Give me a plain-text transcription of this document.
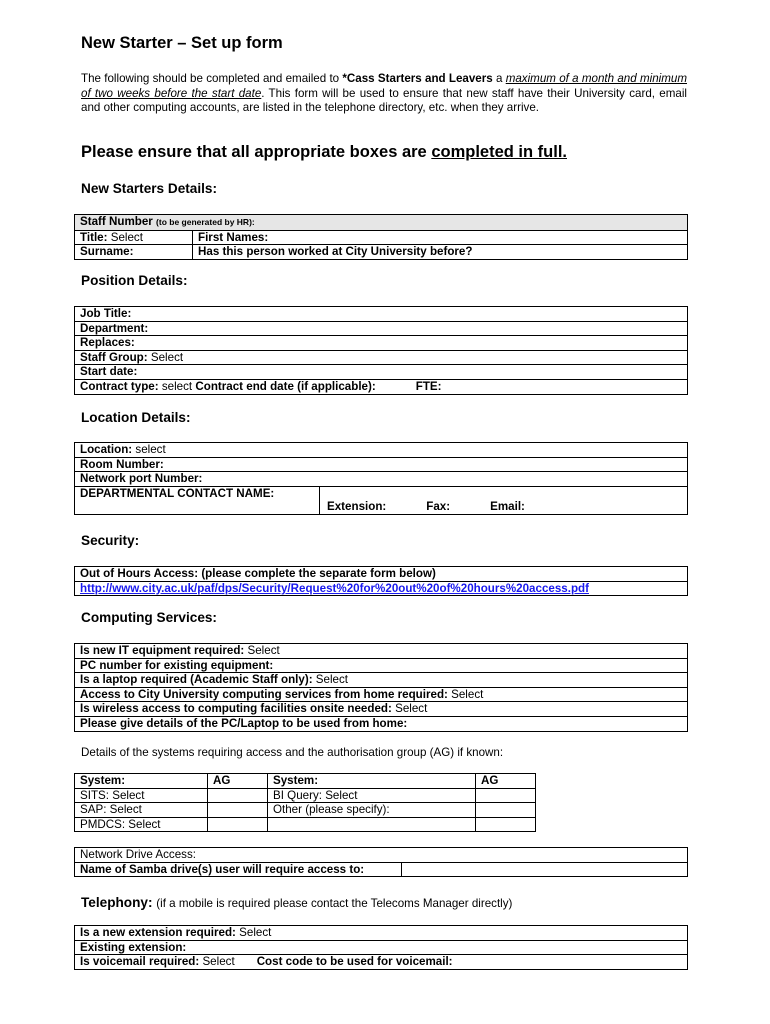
New Starter – Set up form
The following should be completed and emailed to *Cass Starters and Leavers a maximum of a month and minimum of two weeks before the start date. This form will be used to ensure that new staff have their University card, email and other computing accounts, are listed in the telephone directory, etc. when they arrive.
Please ensure that all appropriate boxes are completed in full.
New Starters Details:
Staff Number (to be generated by HR):	
Title: Select	First Names:
Surname:	Has this person worked at City University before?
Position Details:
Job Title:
Department:
Replaces:
Staff Group: Select
Start date:
Contract type: select Contract end date (if applicable):	FTE:
Location Details:
Location: select
Room Number:
Network port Number:
DEPARTMENTAL CONTACT NAME:	Extension:	Fax:	Email:
Security:
Out of Hours Access: (please complete the separate form below)
http://www.city.ac.uk/paf/dps/Security/Request%20for%20out%20of%20hours%20access.pdf
Computing Services:
Is new IT equipment required: Select
PC number for existing equipment:
Is a laptop required (Academic Staff only): Select
Access to City University computing services from home required: Select
Is wireless access to computing facilities onsite needed: Select
Please give details of the PC/Laptop to be used from home:
Details of the systems requiring access and the authorisation group (AG) if known:
System:	AG	System:	AG
SITS: Select		BI Query: Select	
SAP: Select		Other (please specify):	
PMDCS: Select			
Network Drive Access:
Name of Samba drive(s) user will require access to:	
Telephony: (if a mobile is required please contact the Telecoms Manager directly)
Is a new extension required: Select
Existing extension:
Is voicemail required: Select Cost code to be used for voicemail:
